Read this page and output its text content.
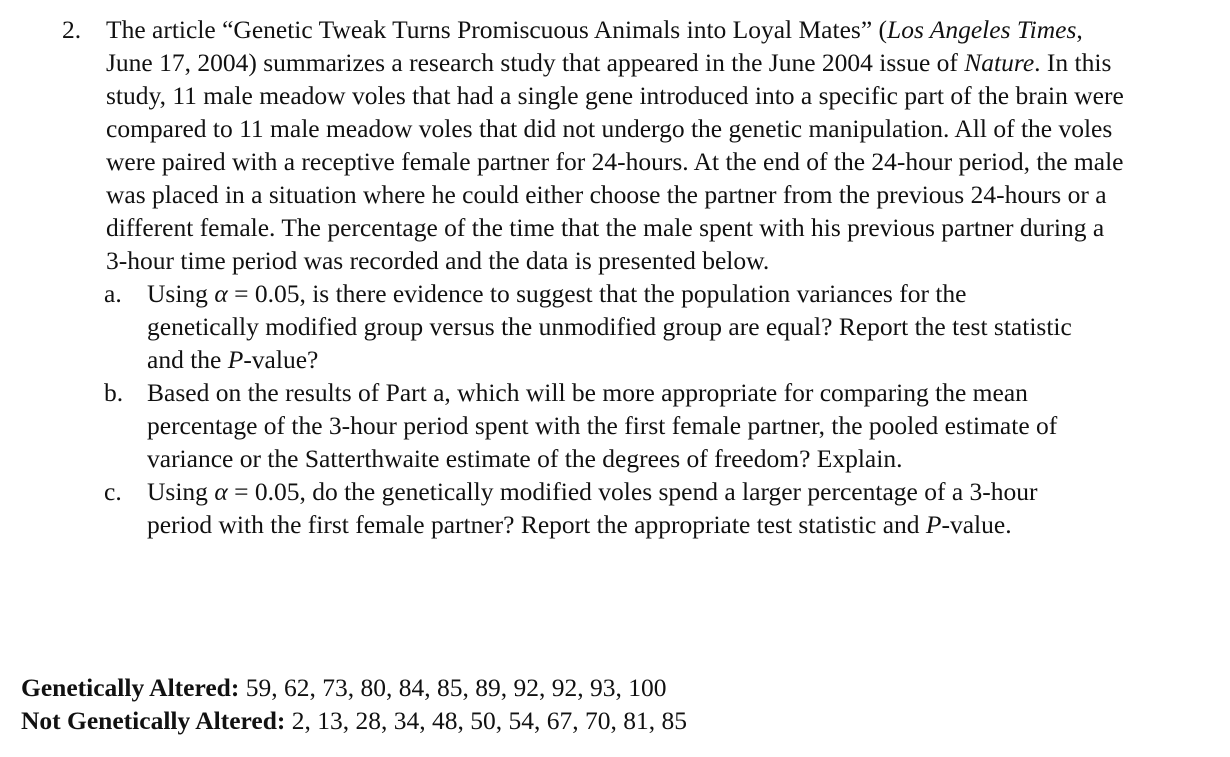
2. The article “Genetic Tweak Turns Promiscuous Animals into Loyal Mates” (Los Angeles Times, June 17, 2004) summarizes a research study that appeared in the June 2004 issue of Nature. In this study, 11 male meadow voles that had a single gene introduced into a specific part of the brain were compared to 11 male meadow voles that did not undergo the genetic manipulation. All of the voles were paired with a receptive female partner for 24-hours. At the end of the 24-hour period, the male was placed in a situation where he could either choose the partner from the previous 24-hours or a different female. The percentage of the time that the male spent with his previous partner during a 3-hour time period was recorded and the data is presented below.

a. Using α = 0.05, is there evidence to suggest that the population variances for the genetically modified group versus the unmodified group are equal? Report the test statistic and the P-value?
b. Based on the results of Part a, which will be more appropriate for comparing the mean percentage of the 3-hour period spent with the first female partner, the pooled estimate of variance or the Satterthwaite estimate of the degrees of freedom? Explain.
c. Using α = 0.05, do the genetically modified voles spend a larger percentage of a 3-hour period with the first female partner? Report the appropriate test statistic and P-value.
Genetically Altered: 59, 62, 73, 80, 84, 85, 89, 92, 92, 93, 100
Not Genetically Altered: 2, 13, 28, 34, 48, 50, 54, 67, 70, 81, 85
